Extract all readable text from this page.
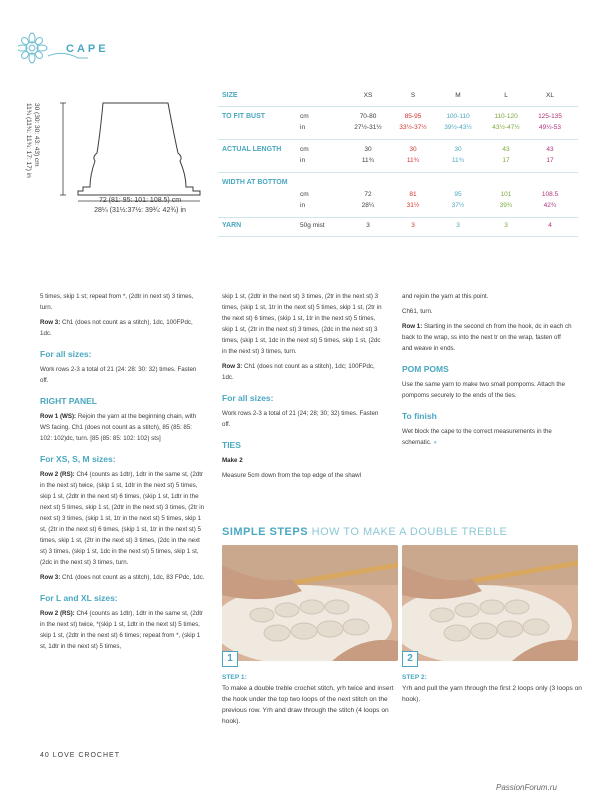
CAPE
30 (30: 30: 43: 43) cm
11¾ (11¾: 11¾: 17: 17) in
72 (81: 95: 101: 108.5) cm
28¼ (31½:37½: 39¾: 42¾) in
SIZE	XS	S	M	L	XL
TO FIT BUST	cm	70-80	85-95	100-110	110-120	125-135
in	27½-31½	33½-37½	39½-43½	43½-47½	49½-53
ACTUAL LENGTH	cm	30	30	30	43	43
in	11¾	11¾	11¾	17	17
WIDTH AT BOTTOM
cm	72	81	95	101	108.5
in	28¼	31½	37½	39¾	42¾
YARN	50g mist	3	3	3	3	4

5 times, skip 1 st; repeat from *, (2dtr in next st) 3 times, turn.

Row 3: Ch1 (does not count as a stitch), 1dc, 100FPdc, 1dc.

For all sizes:

Work rows 2-3 a total of 21 (24: 28: 30: 32) times. Fasten off.

RIGHT PANEL

Row 1 (WS): Rejoin the yarn at the beginning chain, with WS facing. Ch1 (does not count as a stitch), 85 (85: 85: 102: 102)dc, turn. [85 (85: 85: 102: 102) sts]

For XS, S, M sizes:

Row 2 (RS): Ch4 (counts as 1dtr), 1dtr in the same st, (2dtr in the next st) twice, (skip 1 st, 1dtr in the next st) 5 times, skip 1 st, (2dtr in the next st) 6 times, (skip 1 st, 1dtr in the next st) 5 times, skip 1 st, (2dtr in the next st) 3 times, (2tr in next st) 3 times, (skip 1 st, 1tr in the next st) 5 times, skip 1 st, (2tr in the next st) 6 times, (skip 1 st, 1tr in the next st) 5 times, skip 1 st, (2tr in the next st) 3 times, (2dc in the next st) 3 times, (skip 1 st, 1dc in the next st) 5 times, skip 1 st, (2dc in the next st) 3 times, turn.

Row 3: Ch1 (does not count as a stitch), 1dc, 83 FPdc, 1dc.

For L and XL sizes:

Row 2 (RS): Ch4 (counts as 1dtr), 1dtr in the same st, (2dtr in the next st) twice, *(skip 1 st, 1dtr in the next st) 5 times, skip 1 st, (2dtr in the next st) 6 times; repeat from *, (skip 1 st, 1dtr in the next st) 5 times,

skip 1 st, (2dtr in the next st) 3 times, (2tr in the next st) 3 times, (skip 1 st, 1tr in the next st) 5 times, skip 1 st, (2tr in the next st) 6 times, (skip 1 st, 1tr in the next st) 5 times, skip 1 st, (2tr in the next st) 3 times, (2dc in the next st) 3 times, (skip 1 st, 1dc in the next st) 5 times, skip 1 st, (2dc in the next st) 3 times, turn.

Row 3: Ch1 (does not count as a stitch), 1dc; 100FPdc, 1dc.

For all sizes:

Work rows 2-3 a total of 21 (24; 28; 30; 32) times. Fasten off.

TIES

Make 2

Measure 5cm down from the top edge of the shawl

and rejoin the yarn at this point.

Ch61, turn.

Row 1: Starting in the second ch from the hook, dc in each ch back to the wrap, ss into the next tr on the wrap, fasten off and weave in ends.

POM POMS

Use the same yarn to make two small pompoms. Attach the pompoms securely to the ends of the ties.

To finish

Wet block the cape to the correct measurements in the schematic. ●

SIMPLE STEPS HOW TO MAKE A DOUBLE TREBLE
1	2
STEP 1:
To make a double treble crochet stitch, yrh twice and insert the hook under the top two loops of the next stitch on the previous row. Yrh and draw through the stitch (4 loops on hook).
STEP 2:
Yrh and pull the yarn through the first 2 loops only (3 loops on hook).
40 LOVE CROCHET
PassionForum.ru
